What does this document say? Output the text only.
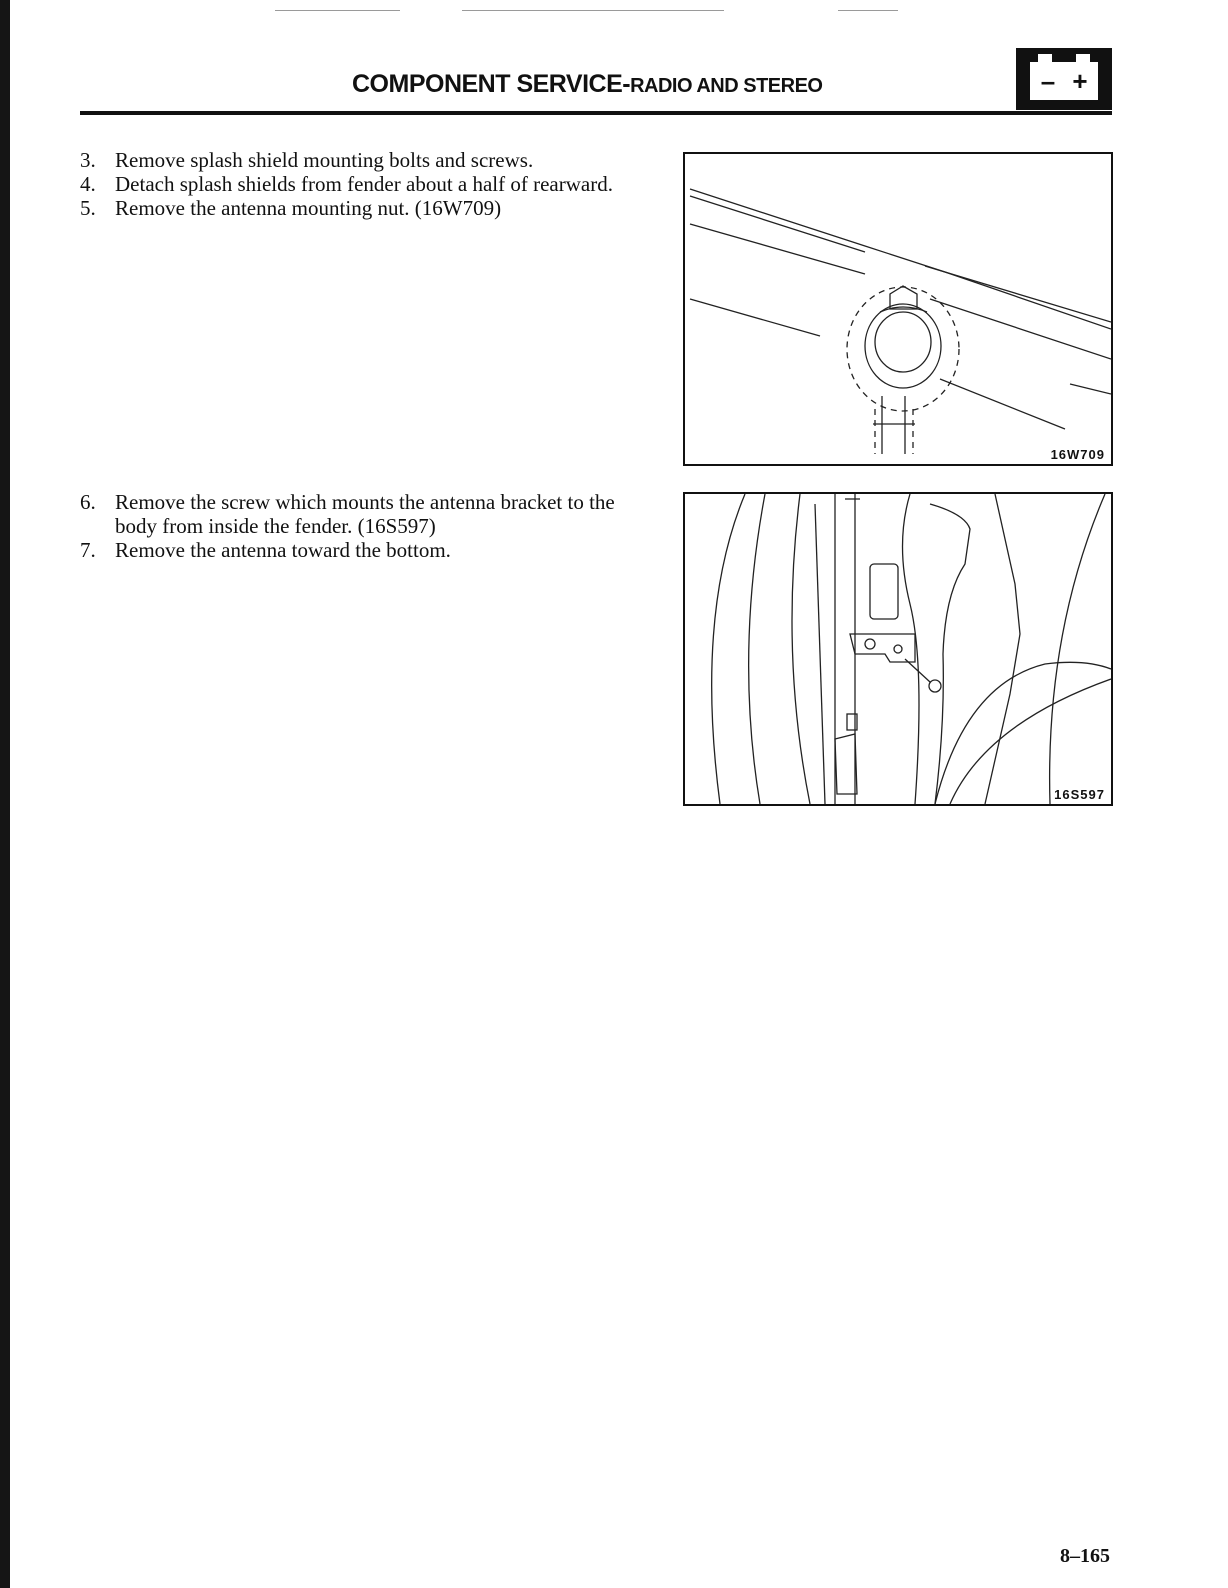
COMPONENT SERVICE-RADIO AND STEREO	– +
3. Remove splash shield mounting bolts and screws.
4. Detach splash shields from fender about a half of rearward.
5. Remove the antenna mounting nut. (16W709)
6. Remove the screw which mounts the antenna bracket to the body from inside the fender. (16S597)
7. Remove the antenna toward the bottom.
16W709
16S597
8–165
